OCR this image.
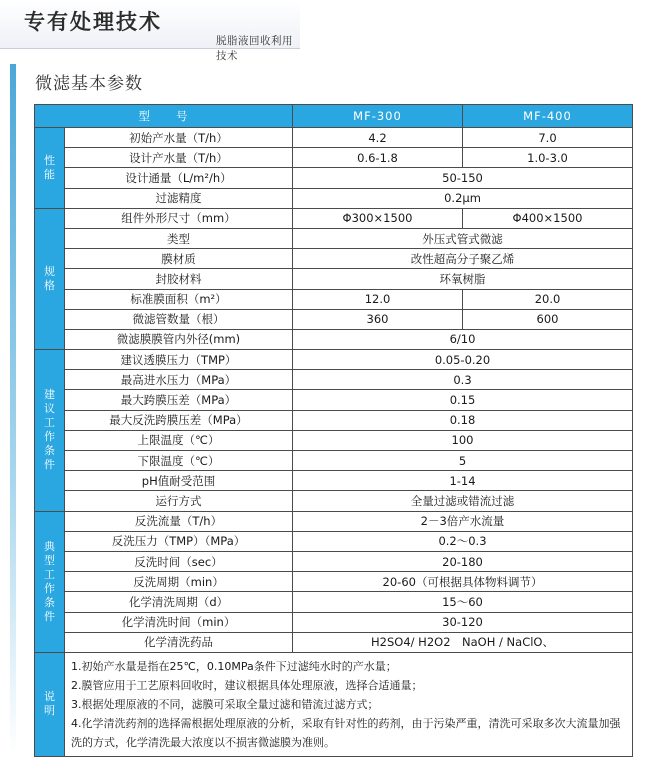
专有处理技术
脱脂液回收利用技术
微滤基本参数
型　　号		MF-300	MF-400
性能	初始产水量（T/h）	4.2	7.0
	设计产水量（T/h）	0.6-1.8	1.0-3.0
	设计通量（L/m²/h）	50-150	
	过滤精度	0.2μm	
规格	组件外形尺寸（mm）	Φ300×1500	Φ400×1500
	类型	外压式管式微滤	
	膜材质	改性超高分子聚乙烯	
	封胶材料	环氧树脂	
	标准膜面积（m²）	12.0	20.0
	微滤管数量（根）	360	600
	微滤膜膜管内外径(mm)	6/10	
建议工作条件	建议透膜压力（TMP）	0.05-0.20	
	最高进水压力（MPa）	0.3	
	最大跨膜压差（MPa）	0.15	
	最大反洗跨膜压差（MPa）	0.18	
	上限温度（℃）	100	
	下限温度（℃）	5	
	pH值耐受范围	1-14	
	运行方式	全量过滤或错流过滤	
典型工作条件	反洗流量（T/h）	2－3倍产水流量	
	反洗压力（TMP）（MPa）	0.2～0.3	
	反洗时间（sec）	20-180	
	反洗周期（min）	20-60（可根据具体物料调节）	
	化学清洗周期（d）	15～60	
	化学清洗时间（min）	30-120	
	化学清洗药品	H2SO4/ H2O2　NaOH / NaClO、	
说明	1.初始产水量是指在25℃，0.10MPa条件下过滤纯水时的产水量；
2.膜管应用于工艺原料回收时，建议根据具体处理原液，选择合适通量；
3.根据处理原液的不同，滤膜可采取全量过滤和错流过滤方式；
4.化学清洗药剂的选择需根据处理原液的分析，采取有针对性的药剂，由于污染严重，清洗可采取多次大流量加强洗的方式，化学清洗最大浓度以不损害微滤膜为准则。		
